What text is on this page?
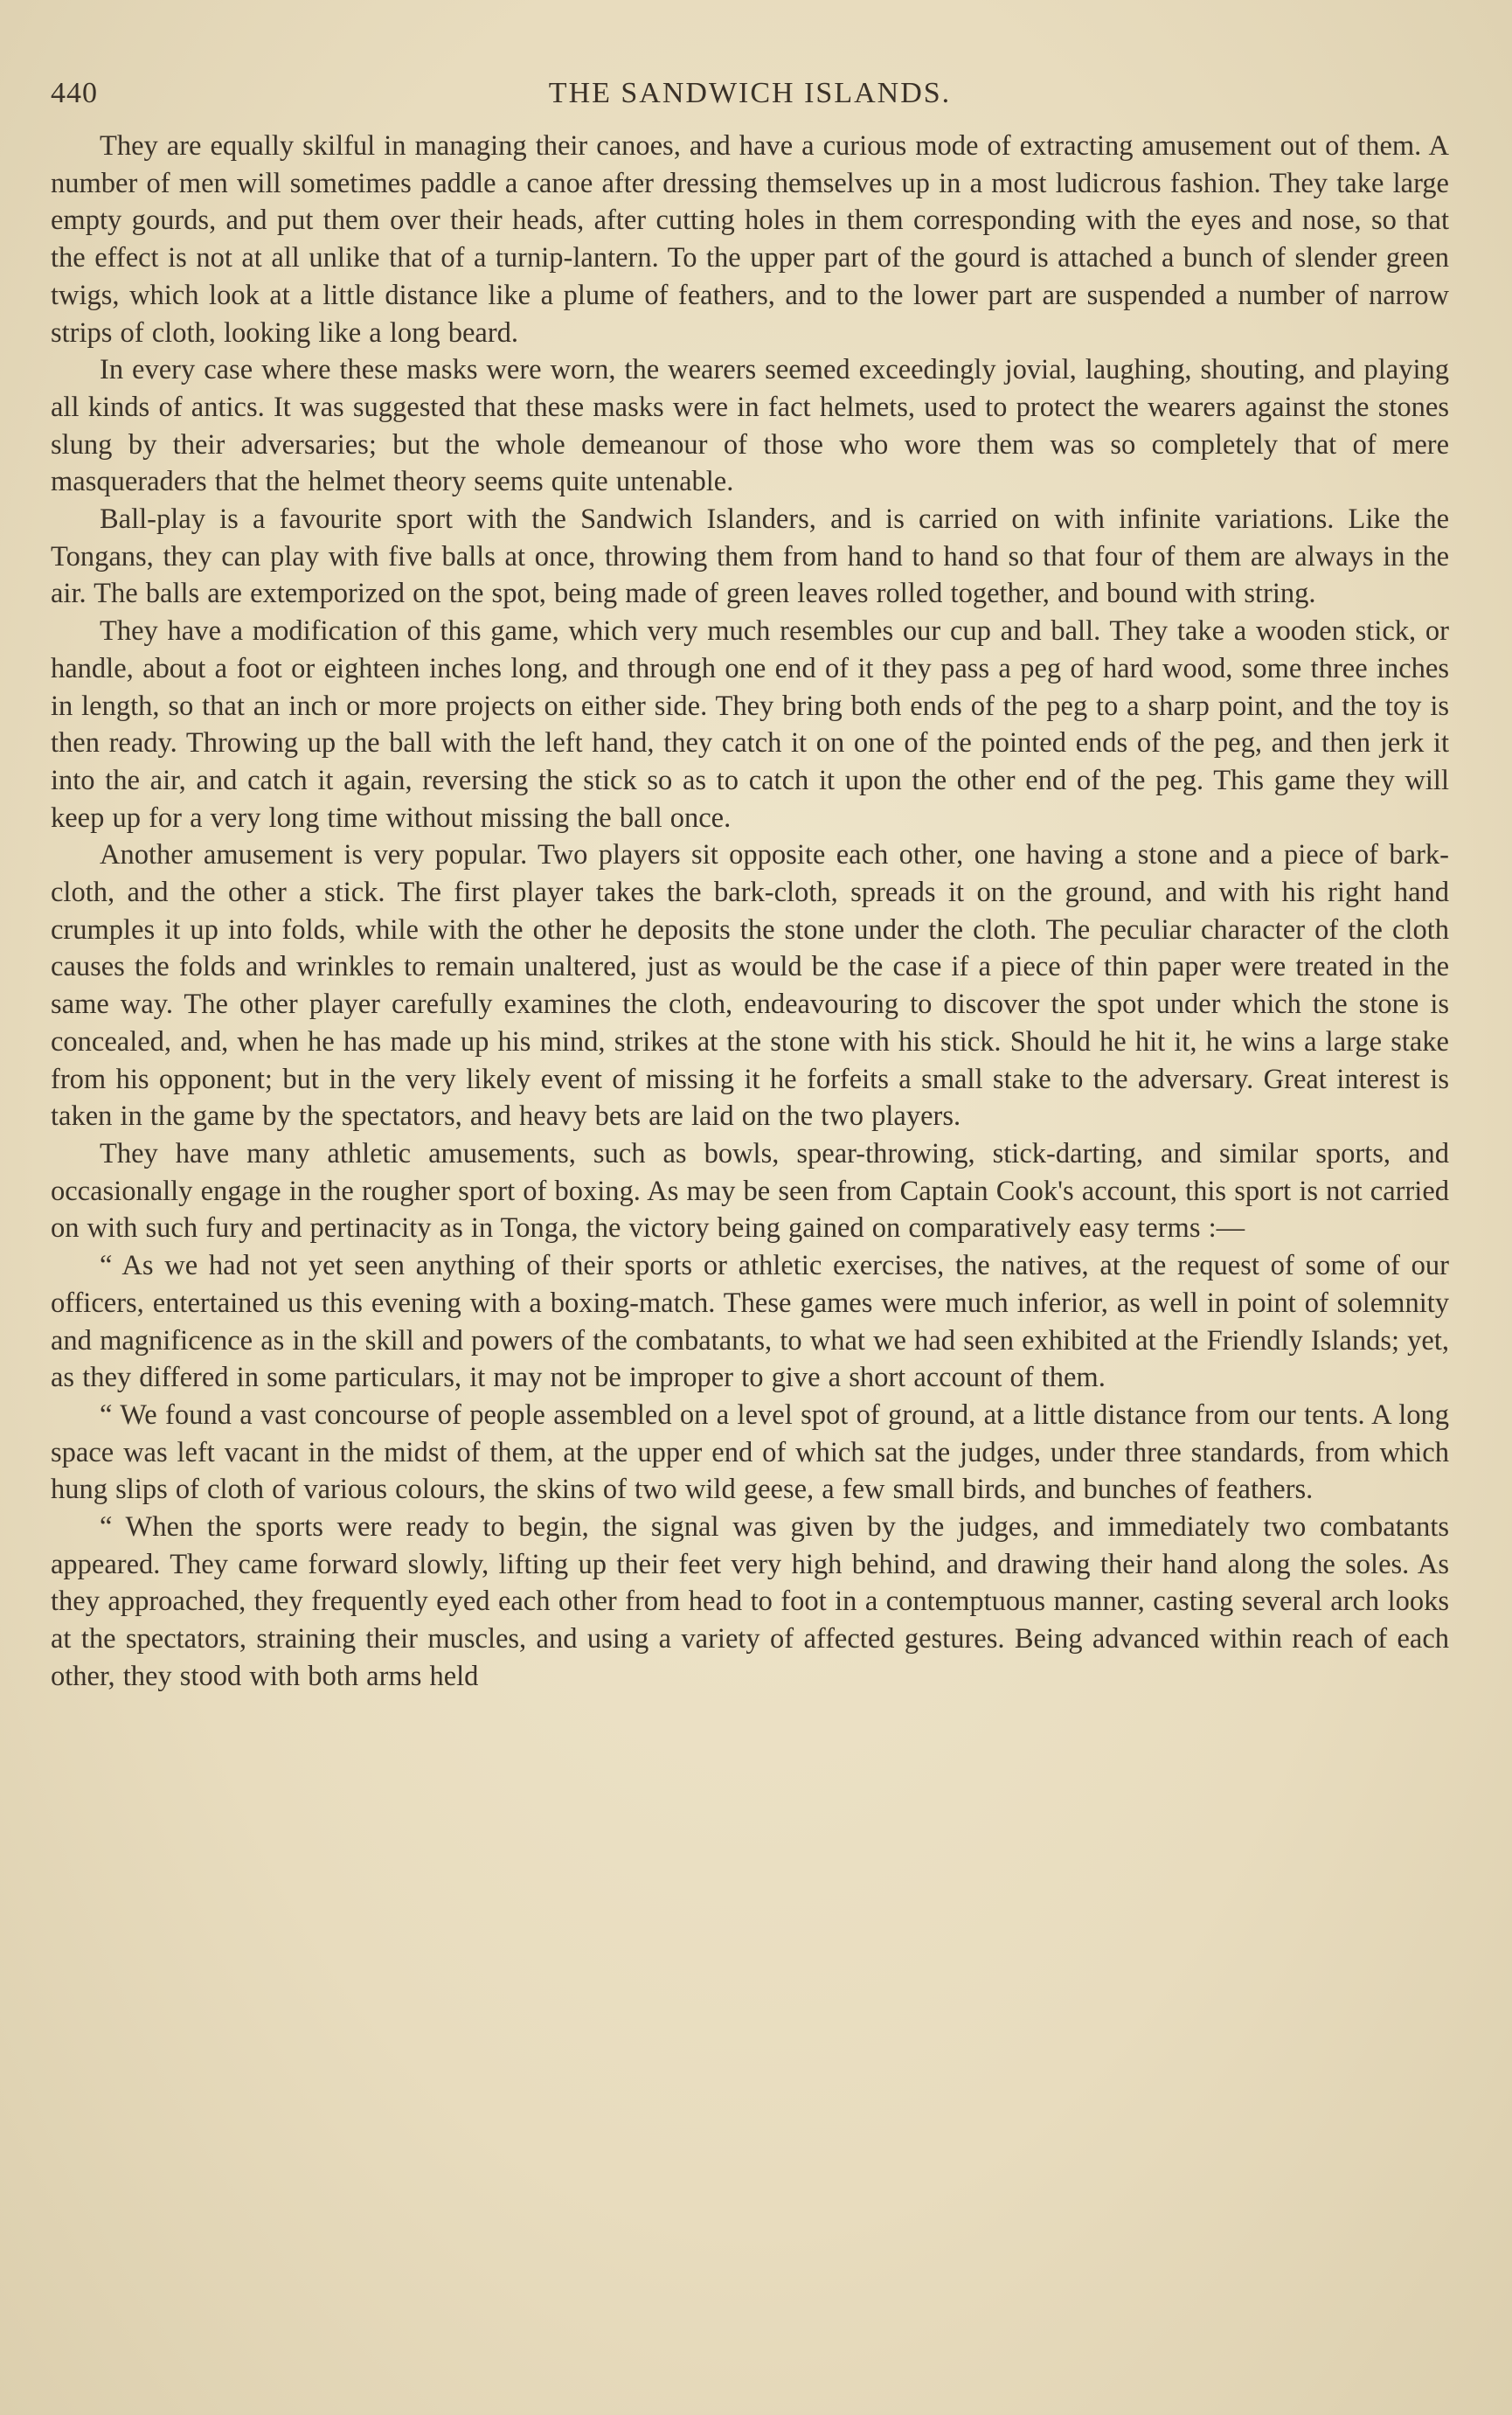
440	THE SANDWICH ISLANDS.

They are equally skilful in managing their canoes, and have a curious mode of extracting amusement out of them. A number of men will sometimes paddle a canoe after dressing themselves up in a most ludicrous fashion. They take large empty gourds, and put them over their heads, after cutting holes in them corresponding with the eyes and nose, so that the effect is not at all unlike that of a turnip-lantern. To the upper part of the gourd is attached a bunch of slender green twigs, which look at a little distance like a plume of feathers, and to the lower part are suspended a number of narrow strips of cloth, looking like a long beard.

In every case where these masks were worn, the wearers seemed exceedingly jovial, laughing, shouting, and playing all kinds of antics. It was suggested that these masks were in fact helmets, used to protect the wearers against the stones slung by their adversaries; but the whole demeanour of those who wore them was so completely that of mere masqueraders that the helmet theory seems quite untenable.

Ball-play is a favourite sport with the Sandwich Islanders, and is carried on with infinite variations. Like the Tongans, they can play with five balls at once, throwing them from hand to hand so that four of them are always in the air. The balls are extemporized on the spot, being made of green leaves rolled together, and bound with string.

They have a modification of this game, which very much resembles our cup and ball. They take a wooden stick, or handle, about a foot or eighteen inches long, and through one end of it they pass a peg of hard wood, some three inches in length, so that an inch or more projects on either side. They bring both ends of the peg to a sharp point, and the toy is then ready. Throwing up the ball with the left hand, they catch it on one of the pointed ends of the peg, and then jerk it into the air, and catch it again, reversing the stick so as to catch it upon the other end of the peg. This game they will keep up for a very long time without missing the ball once.

Another amusement is very popular. Two players sit opposite each other, one having a stone and a piece of bark-cloth, and the other a stick. The first player takes the bark-cloth, spreads it on the ground, and with his right hand crumples it up into folds, while with the other he deposits the stone under the cloth. The peculiar character of the cloth causes the folds and wrinkles to remain unaltered, just as would be the case if a piece of thin paper were treated in the same way. The other player carefully examines the cloth, endeavouring to discover the spot under which the stone is concealed, and, when he has made up his mind, strikes at the stone with his stick. Should he hit it, he wins a large stake from his opponent; but in the very likely event of missing it he forfeits a small stake to the adversary. Great interest is taken in the game by the spectators, and heavy bets are laid on the two players.

They have many athletic amusements, such as bowls, spear-throwing, stick-darting, and similar sports, and occasionally engage in the rougher sport of boxing. As may be seen from Captain Cook's account, this sport is not carried on with such fury and pertinacity as in Tonga, the victory being gained on comparatively easy terms :—

“ As we had not yet seen anything of their sports or athletic exercises, the natives, at the request of some of our officers, entertained us this evening with a boxing-match. These games were much inferior, as well in point of solemnity and magnificence as in the skill and powers of the combatants, to what we had seen exhibited at the Friendly Islands; yet, as they differed in some particulars, it may not be improper to give a short account of them.

“ We found a vast concourse of people assembled on a level spot of ground, at a little distance from our tents. A long space was left vacant in the midst of them, at the upper end of which sat the judges, under three standards, from which hung slips of cloth of various colours, the skins of two wild geese, a few small birds, and bunches of feathers.

“ When the sports were ready to begin, the signal was given by the judges, and immediately two combatants appeared. They came forward slowly, lifting up their feet very high behind, and drawing their hand along the soles. As they approached, they frequently eyed each other from head to foot in a contemptuous manner, casting several arch looks at the spectators, straining their muscles, and using a variety of affected gestures. Being advanced within reach of each other, they stood with both arms held
